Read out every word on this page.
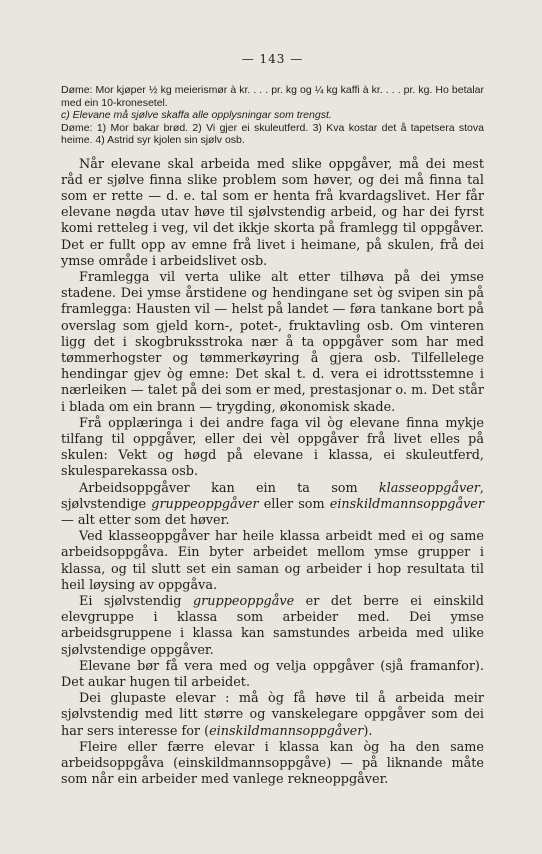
— 143 —

Døme: Mor kjøper ½ kg meierismør à kr. . . . pr. kg og ¼ kg kaffi à kr. . . . pr. kg. Ho betalar med ein 10-kronesetel.

c) Elevane må sjølve skaffa alle opplysningar som trengst.

Døme: 1) Mor bakar brød. 2) Vi gjer ei skuleutferd. 3) Kva kostar det å tapetsera stova heime. 4) Astrid syr kjolen sin sjølv osb.

Når elevane skal arbeida med slike oppgåver, må dei mest råd er sjølve finna slike problem som høver, og dei må finna tal som er rette — d. e. tal som er henta frå kvardagslivet. Her får elevane nøgda utav høve til sjølvstendig arbeid, og har dei fyrst komi retteleg i veg, vil det ikkje skorta på framlegg til oppgåver. Det er fullt opp av emne frå livet i heimane, på skulen, frå dei ymse område i arbeidslivet osb.

Framlegga vil verta ulike alt etter tilhøva på dei ymse stadene. Dei ymse årstidene og hendingane set òg svipen sin på framlegga: Hausten vil — helst på landet — føra tankane bort på overslag som gjeld korn-, potet-, fruktavling osb. Om vinteren ligg det i skogbruksstroka nær å ta oppgåver som har med tømmerhogster og tømmerkøyring å gjera osb. Tilfellelege hendingar gjev òg emne: Det skal t. d. vera ei idrottsstemne i nærleiken — talet på dei som er med, prestasjonar o. m. Det står i blada om ein brann — trygding, økonomisk skade.

Frå opplæringa i dei andre faga vil òg elevane finna mykje tilfang til oppgåver, eller dei vèl oppgåver frå livet elles på skulen: Vekt og høgd på elevane i klassa, ei skuleutferd, skulesparekassa osb.

Arbeidsoppgåver kan ein ta som klasseoppgåver, sjølvstendige gruppeoppgåver eller som einskildmannsoppgåver — alt etter som det høver.

Ved klasseoppgåver har heile klassa arbeidt med ei og same arbeidsoppgåva. Ein byter arbeidet mellom ymse grupper i klassa, og til slutt set ein saman og arbeider i hop resultata til heil løysing av oppgåva.

Ei sjølvstendig gruppeoppgåve er det berre ei einskild elevgruppe i klassa som arbeider med. Dei ymse arbeidsgruppene i klassa kan samstundes arbeida med ulike sjølvstendige oppgåver.

Elevane bør få vera med og velja oppgåver (sjå framanfor). Det aukar hugen til arbeidet.

Dei glupaste elevar : må òg få høve til å arbeida meir sjølvstendig med litt større og vanskelegare oppgåver som dei har sers interesse for (einskildmannsoppgåver).

Fleire eller færre elevar i klassa kan òg ha den same arbeidsoppgåva (einskildmannsoppgåve) — på liknande måte som når ein arbeider med vanlege rekneoppgåver.
